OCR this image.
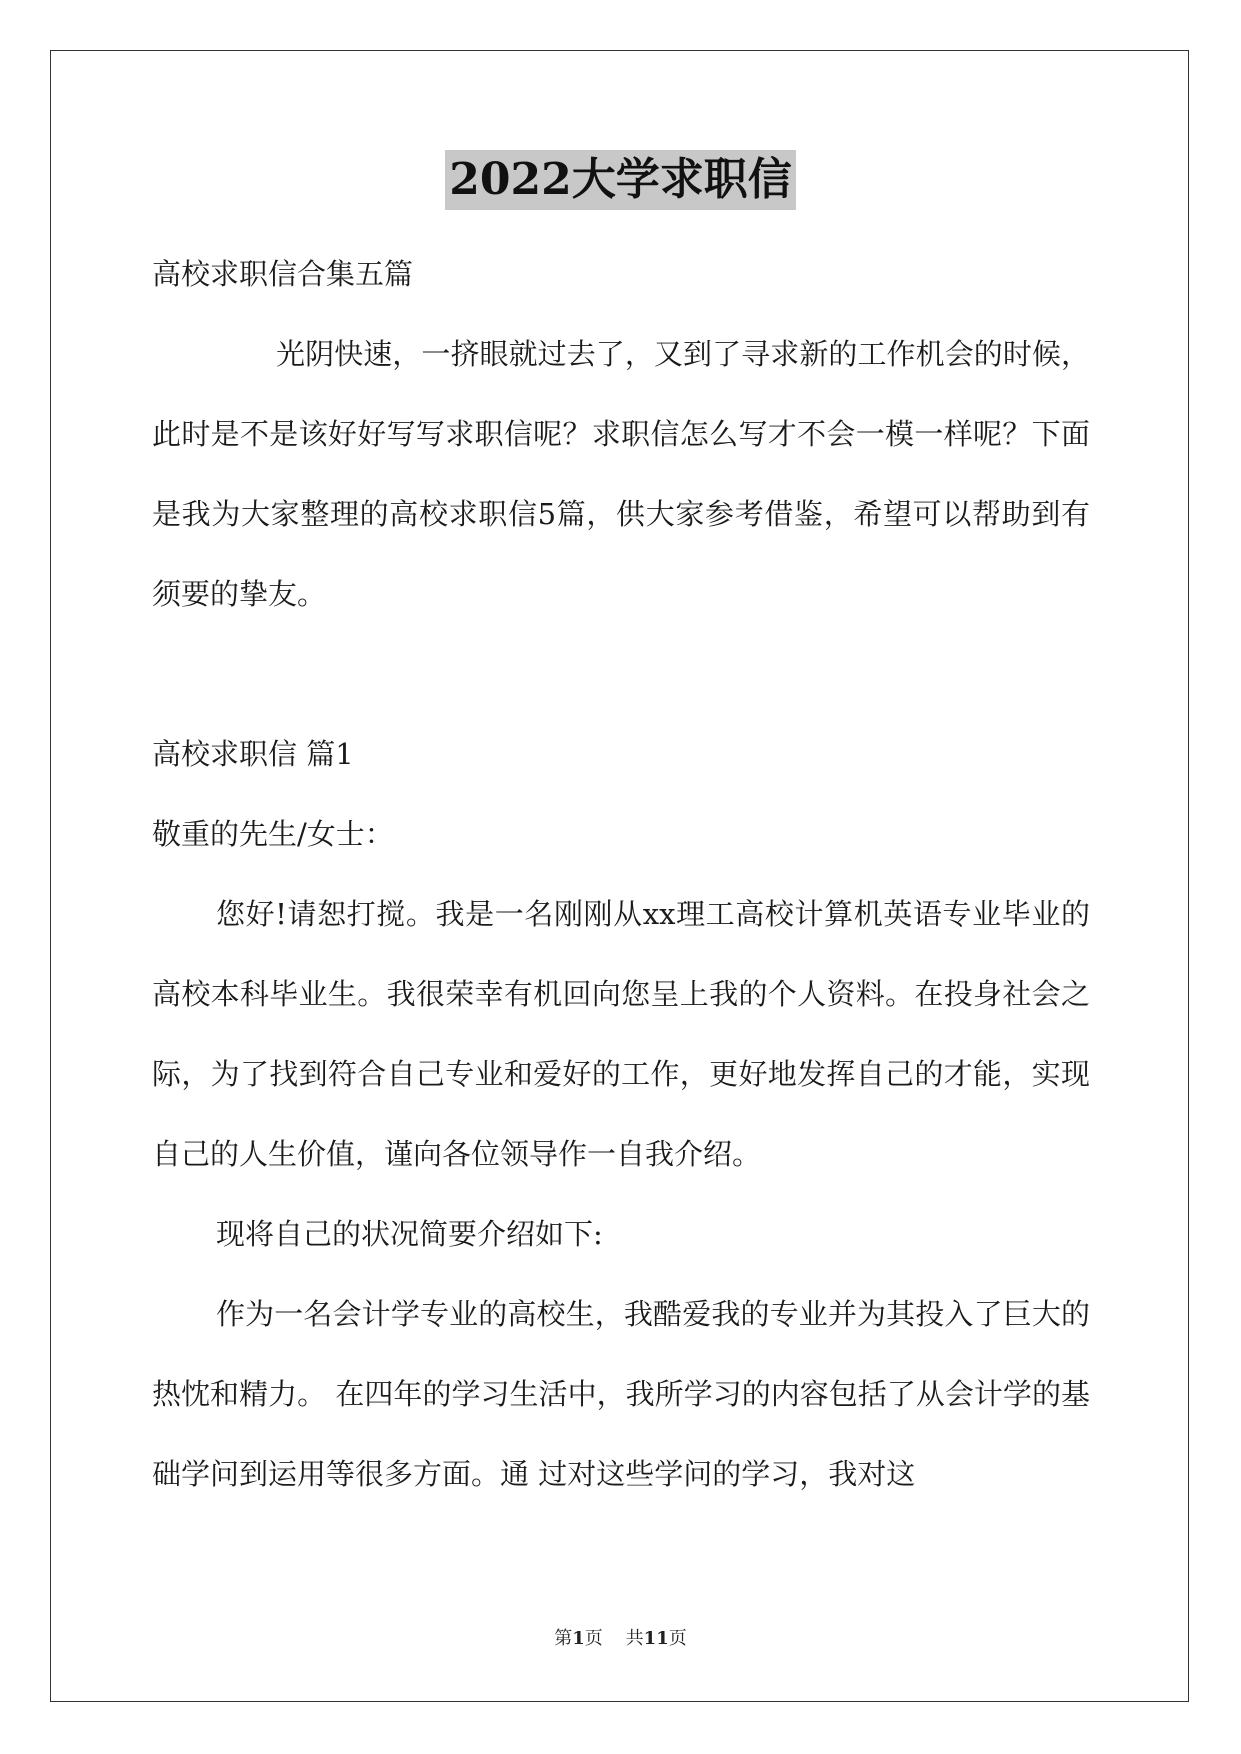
2022大学求职信

高校求职信合集五篇

光阴快速，一挤眼就过去了，又到了寻求新的工作机会的时候，此时是不是该好好写写求职信呢？求职信怎么写才不会一模一样呢？下面是我为大家整理的高校求职信5篇，供大家参考借鉴，希望可以帮助到有须要的挚友。

高校求职信 篇1

敬重的先生/女士：

您好!请恕打搅。我是一名刚刚从xx理工高校计算机英语专业毕业的高校本科毕业生。我很荣幸有机回向您呈上我的个人资料。在投身社会之际，为了找到符合自己专业和爱好的工作，更好地发挥自己的才能，实现自己的人生价值，谨向各位领导作一自我介绍。

现将自己的状况简要介绍如下:

作为一名会计学专业的高校生，我酷爱我的专业并为其投入了巨大的热忱和精力。 在四年的学习生活中，我所学习的内容包括了从会计学的基础学问到运用等很多方面。通 过对这些学问的学习，我对这

第1页 共11页
